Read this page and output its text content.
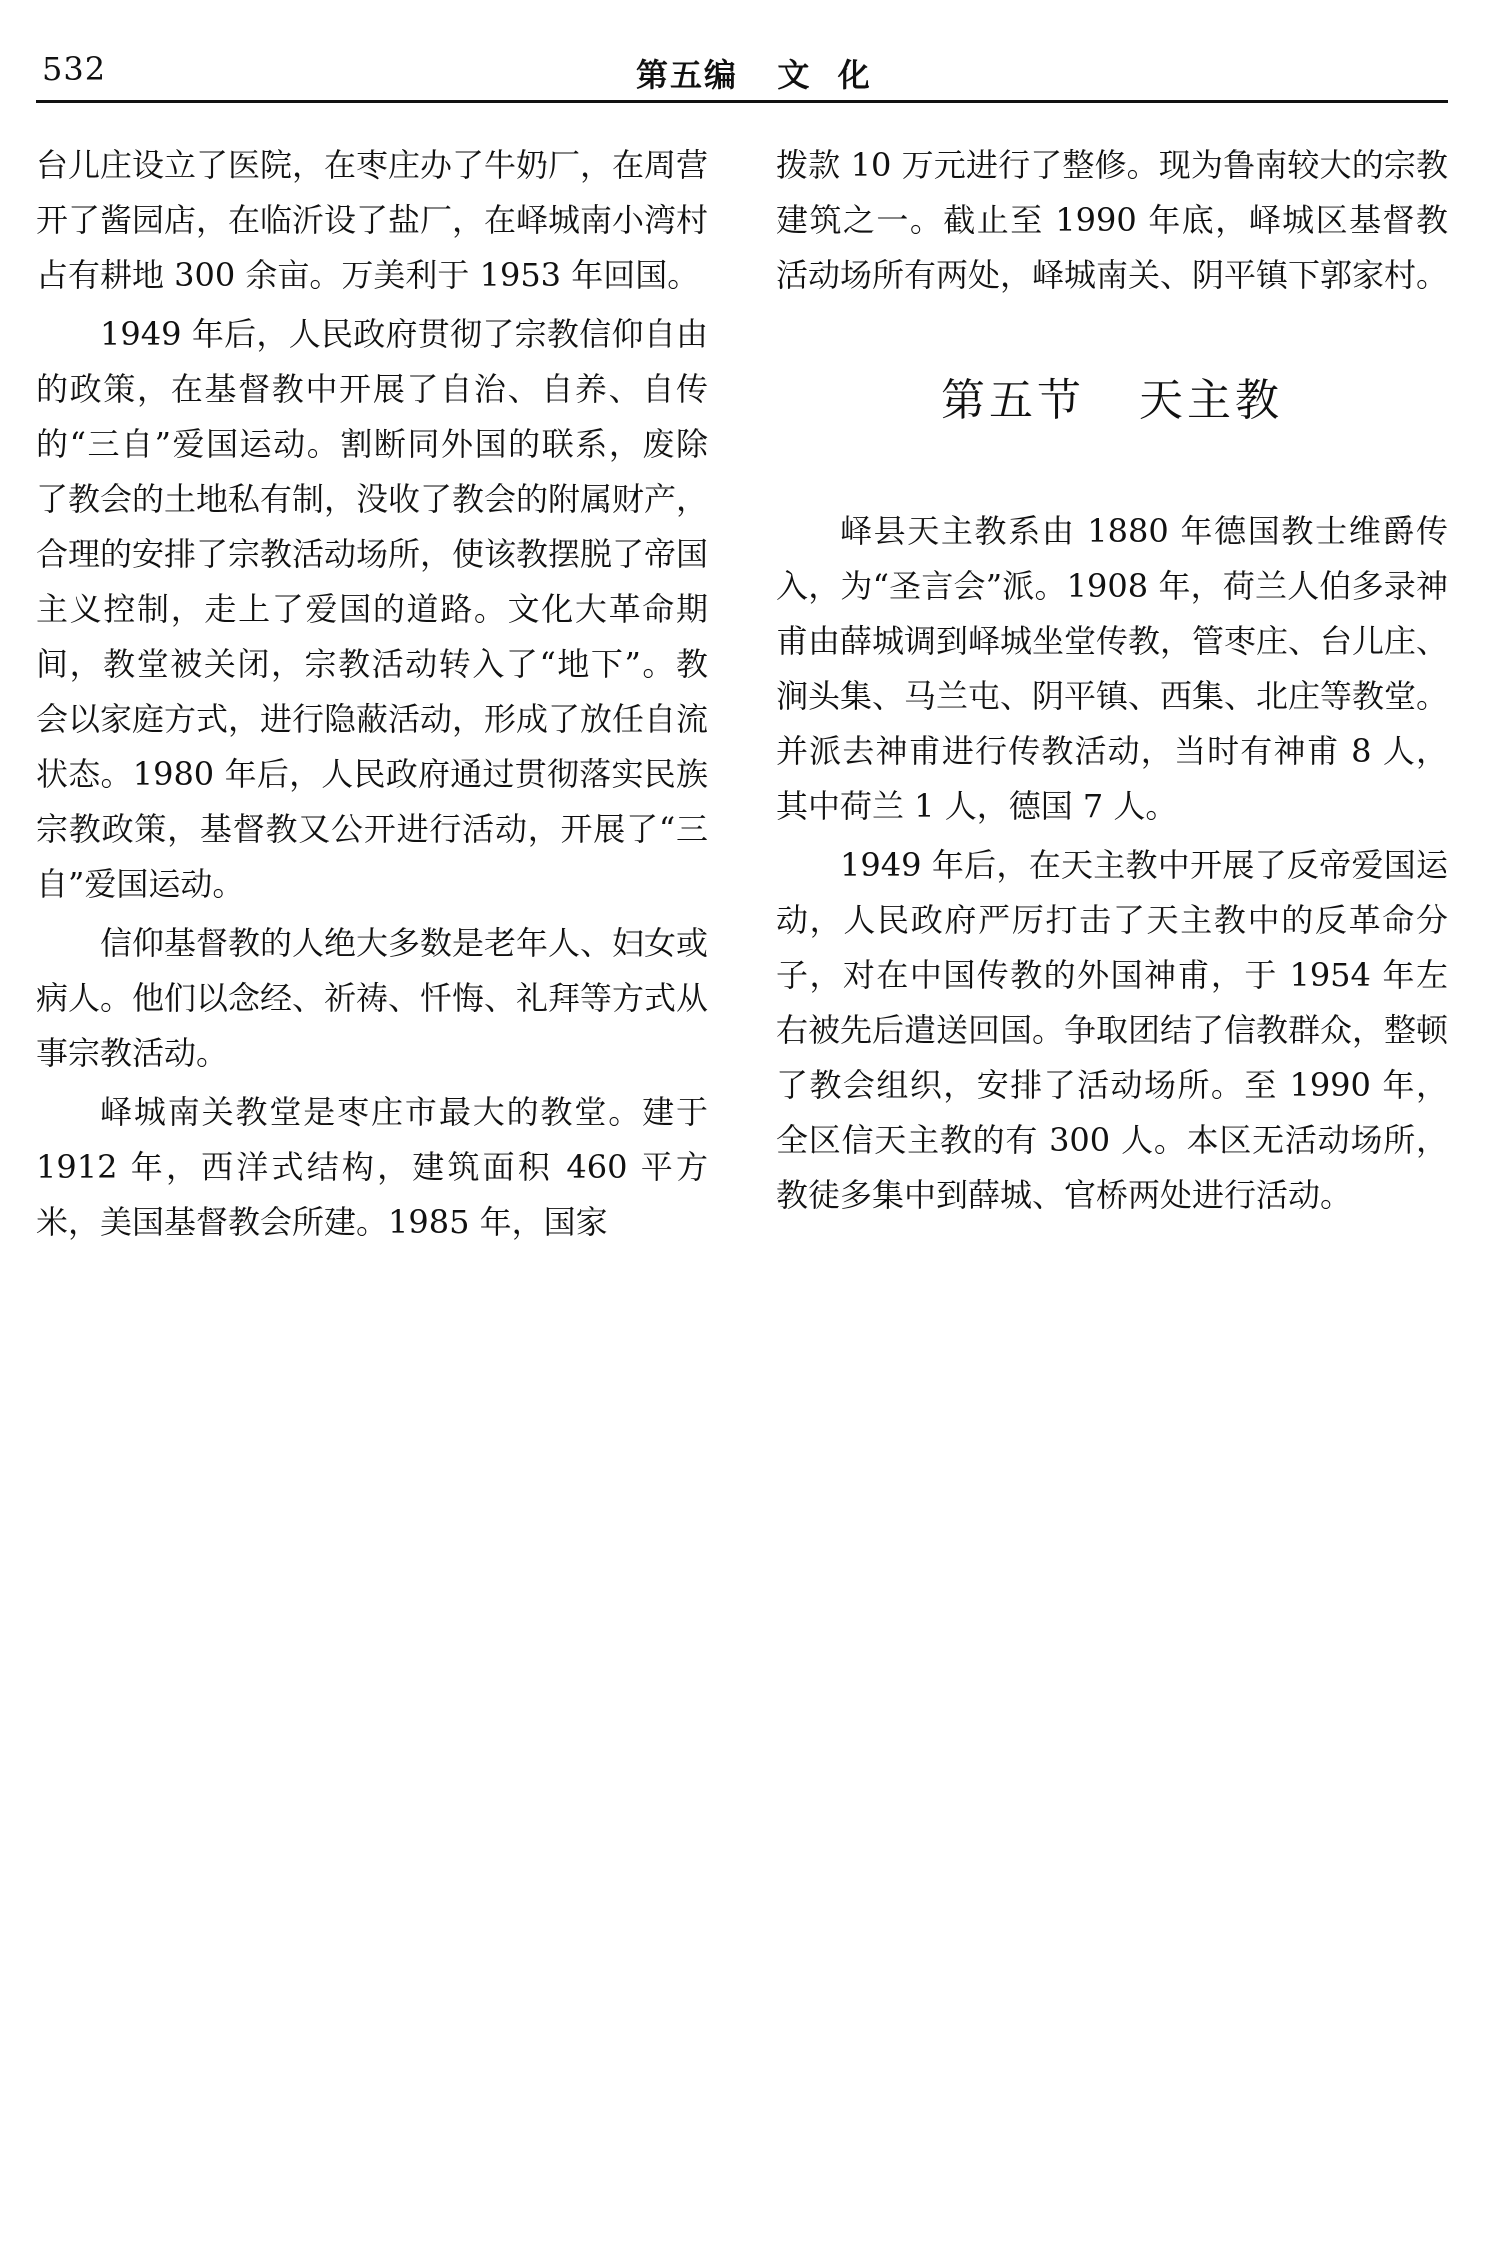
532	第五编   文  化

台儿庄设立了医院，在枣庄办了牛奶厂，在周营开了酱园店，在临沂设了盐厂，在峄城南小湾村占有耕地 300 余亩。万美利于 1953 年回国。

1949 年后，人民政府贯彻了宗教信仰自由的政策，在基督教中开展了自治、自养、自传的“三自”爱国运动。割断同外国的联系，废除了教会的土地私有制，没收了教会的附属财产，合理的安排了宗教活动场所，使该教摆脱了帝国主义控制，走上了爱国的道路。文化大革命期间，教堂被关闭，宗教活动转入了“地下”。教会以家庭方式，进行隐蔽活动，形成了放任自流状态。1980 年后，人民政府通过贯彻落实民族宗教政策，基督教又公开进行活动，开展了“三自”爱国运动。

信仰基督教的人绝大多数是老年人、妇女或病人。他们以念经、祈祷、忏悔、礼拜等方式从事宗教活动。

峄城南关教堂是枣庄市最大的教堂。建于 1912 年，西洋式结构，建筑面积 460 平方米，美国基督教会所建。1985 年，国家

拨款 10 万元进行了整修。现为鲁南较大的宗教建筑之一。截止至 1990 年底，峄城区基督教活动场所有两处，峄城南关、阴平镇下郭家村。

第五节   天主教

峄县天主教系由 1880 年德国教士维爵传入，为“圣言会”派。1908 年，荷兰人伯多录神甫由薛城调到峄城坐堂传教，管枣庄、台儿庄、涧头集、马兰屯、阴平镇、西集、北庄等教堂。并派去神甫进行传教活动，当时有神甫 8 人，其中荷兰 1 人，德国 7 人。

1949 年后，在天主教中开展了反帝爱国运动，人民政府严厉打击了天主教中的反革命分子，对在中国传教的外国神甫，于 1954 年左右被先后遣送回国。争取团结了信教群众，整顿了教会组织，安排了活动场所。至 1990 年，全区信天主教的有 300 人。本区无活动场所，教徒多集中到薛城、官桥两处进行活动。
